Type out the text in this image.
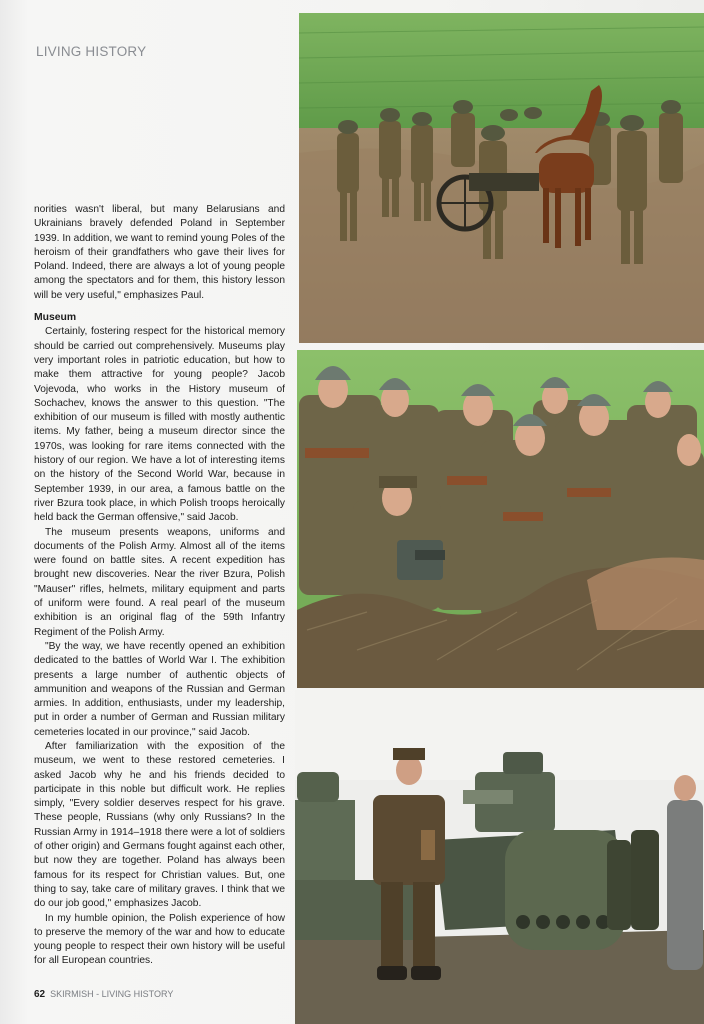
LIVING HISTORY

norities wasn't liberal, but many Belarusians and Ukrainians bravely defended Poland in September 1939. In addition, we want to remind young Poles of the heroism of their grandfathers who gave their lives for Poland. Indeed, there are always a lot of young people among the spectators and for them, this history lesson will be very useful," emphasizes Paul.

Museum

Certainly, fostering respect for the historical memory should be carried out comprehensively. Museums play very important roles in patriotic education, but how to make them attractive for young people? Jacob Vojevoda, who works in the History museum of Sochachev, knows the answer to this question. "The exhibition of our museum is filled with mostly authentic items. My father, being a museum director since the 1970s, was looking for rare items connected with the history of our region. We have a lot of interesting items on the history of the Second World War, because in September 1939, in our area, a famous battle on the river Bzura took place, in which Polish troops heroically held back the German offensive," said Jacob.

The museum presents weapons, uniforms and documents of the Polish Army. Almost all of the items were found on battle sites. A recent expedition has brought new discoveries. Near the river Bzura, Polish "Mauser" rifles, helmets, military equipment and parts of uniform were found. A real pearl of the museum exhibition is an original flag of the 59th Infantry Regiment of the Polish Army.

"By the way, we have recently opened an exhibition dedicated to the battles of World War I. The exhibition presents a large number of authentic objects of ammunition and weapons of the Russian and German armies. In addition, enthusiasts, under my leadership, put in order a number of German and Russian military cemeteries located in our province," said Jacob.

After familiarization with the exposition of the museum, we went to these restored cemeteries. I asked Jacob why he and his friends decided to participate in this noble but difficult work. He replies simply, "Every soldier deserves respect for his grave. These people, Russians (why only Russians? In the Russian Army in 1914–1918 there were a lot of soldiers of other origin) and Germans fought against each other, but now they are together. Poland has always been famous for its respect for Christian values. But, one thing to say, take care of military graves. I think that we do our job good," emphasizes Jacob.

In my humble opinion, the Polish experience of how to preserve the memory of the war and how to educate young people to respect their own history will be useful for all European countries.

62 SKIRMISH - LIVING HISTORY
